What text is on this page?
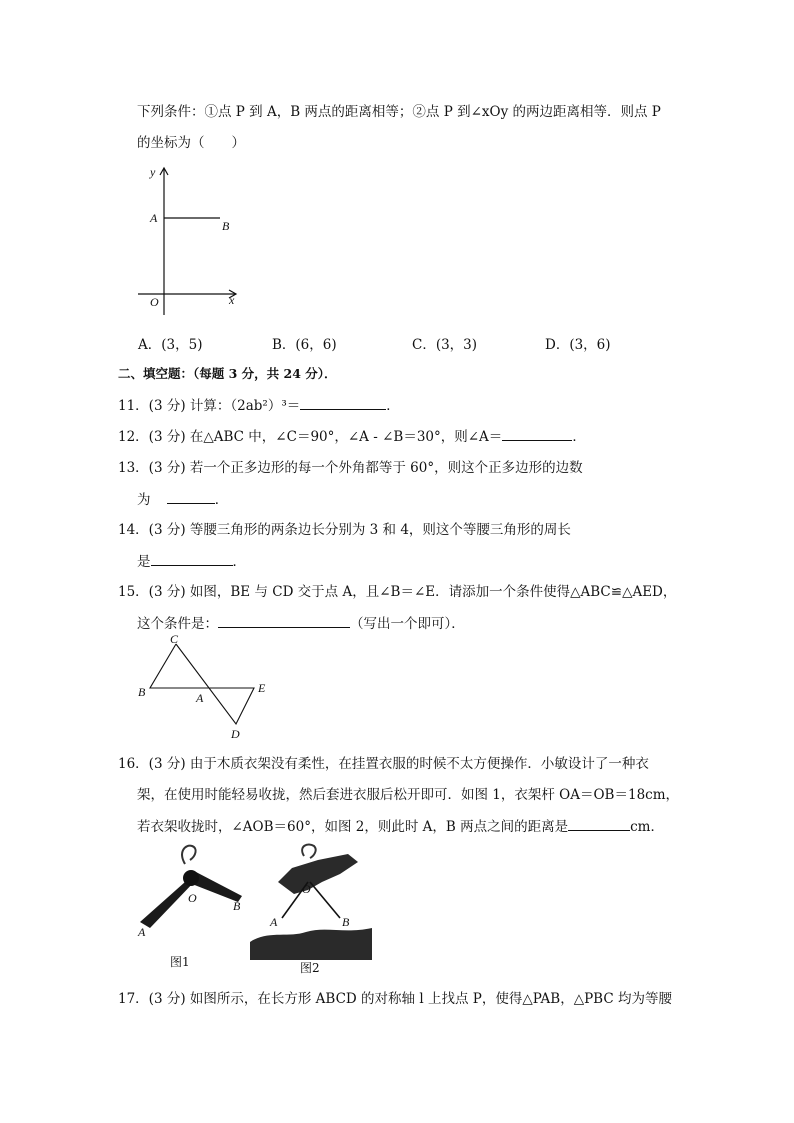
下列条件：①点 P 到 A，B 两点的距离相等；②点 P 到∠xOy 的两边距离相等．则点 P
的坐标为（　　）
y
A
B
O	x
A．(3，5)	B．(6，6)	C．(3，3)	D．(3，6)
二、填空题：（每题 3 分，共 24 分）．
11．(3 分) 计算：（2ab²）³＝	．
12．(3 分) 在△ABC 中，∠C＝90°，∠A - ∠B＝30°，则∠A＝	．
13．(3 分) 若一个正多边形的每一个外角都等于 60°，则这个正多边形的边数
为	．
14．(3 分) 等腰三角形的两条边长分别为 3 和 4，则这个等腰三角形的周长
是	．
15．(3 分) 如图，BE 与 CD 交于点 A，且∠B＝∠E．请添加一个条件使得△ABC≌△AED，
这个条件是：	（写出一个即可）．
C
B	A
E
D
16．(3 分) 由于木质衣架没有柔性，在挂置衣服的时候不太方便操作．小敏设计了一种衣
架，在使用时能轻易收拢，然后套进衣服后松开即可．如图 1，衣架杆 OA＝OB＝18cm，
若衣架收拢时，∠AOB＝60°，如图 2，则此时 A，B 两点之间的距离是	cm．
O
B
A
图1
O
A	B
图2
17．(3 分) 如图所示，在长方形 ABCD 的对称轴 l 上找点 P，使得△PAB，△PBC 均为等腰
